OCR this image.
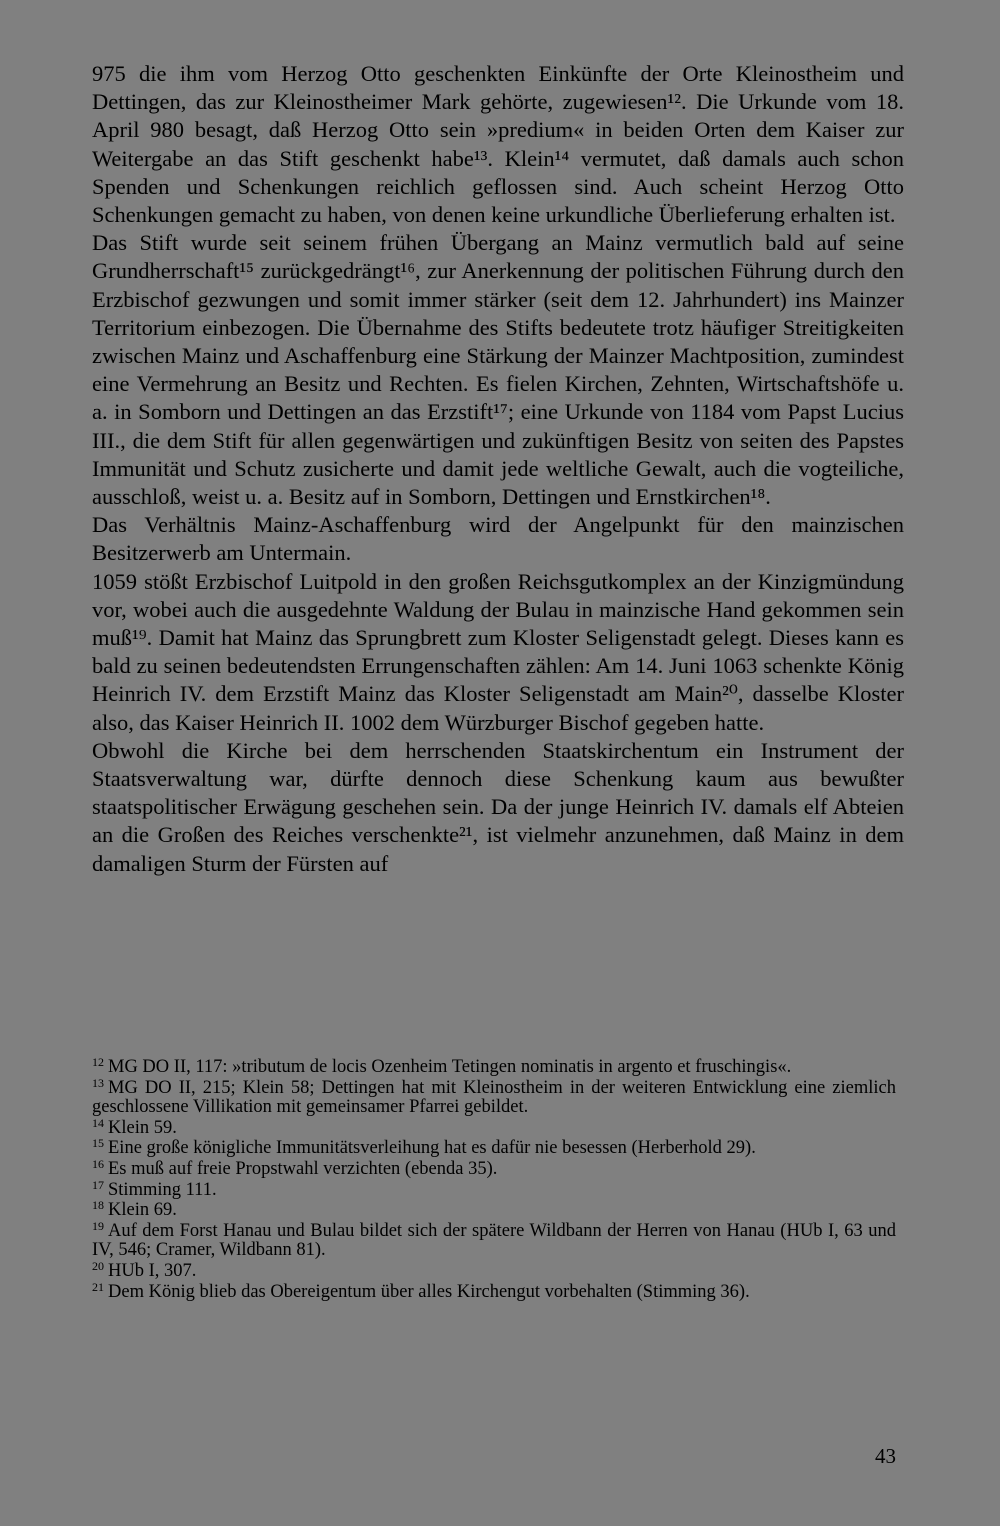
975 die ihm vom Herzog Otto geschenkten Einkünfte der Orte Kleinostheim und Dettingen, das zur Kleinostheimer Mark gehörte, zugewiesen¹². Die Urkunde vom 18. April 980 besagt, daß Herzog Otto sein »predium« in beiden Orten dem Kaiser zur Weitergabe an das Stift geschenkt habe¹³. Klein¹⁴ vermutet, daß damals auch schon Spenden und Schenkungen reichlich geflossen sind. Auch scheint Herzog Otto Schenkungen gemacht zu haben, von denen keine urkundliche Überlieferung erhalten ist.

Das Stift wurde seit seinem frühen Übergang an Mainz vermutlich bald auf seine Grundherrschaft¹⁵ zurückgedrängt¹⁶, zur Anerkennung der politischen Führung durch den Erzbischof gezwungen und somit immer stärker (seit dem 12. Jahrhundert) ins Mainzer Territorium einbezogen. Die Übernahme des Stifts bedeutete trotz häufiger Streitigkeiten zwischen Mainz und Aschaffenburg eine Stärkung der Mainzer Machtposition, zumindest eine Vermehrung an Besitz und Rechten. Es fielen Kirchen, Zehnten, Wirtschaftshöfe u. a. in Somborn und Dettingen an das Erzstift¹⁷; eine Urkunde von 1184 vom Papst Lucius III., die dem Stift für allen gegenwärtigen und zukünftigen Besitz von seiten des Papstes Immunität und Schutz zusicherte und damit jede weltliche Gewalt, auch die vogteiliche, ausschloß, weist u. a. Besitz auf in Somborn, Dettingen und Ernstkirchen¹⁸.

Das Verhältnis Mainz-Aschaffenburg wird der Angelpunkt für den mainzischen Besitzerwerb am Untermain.

1059 stößt Erzbischof Luitpold in den großen Reichsgutkomplex an der Kinzigmündung vor, wobei auch die ausgedehnte Waldung der Bulau in mainzische Hand gekommen sein muß¹⁹. Damit hat Mainz das Sprungbrett zum Kloster Seligenstadt gelegt. Dieses kann es bald zu seinen bedeutendsten Errungenschaften zählen: Am 14. Juni 1063 schenkte König Heinrich IV. dem Erzstift Mainz das Kloster Seligenstadt am Main²⁰, dasselbe Kloster also, das Kaiser Heinrich II. 1002 dem Würzburger Bischof gegeben hatte.

Obwohl die Kirche bei dem herrschenden Staatskirchentum ein Instrument der Staatsverwaltung war, dürfte dennoch diese Schenkung kaum aus bewußter staatspolitischer Erwägung geschehen sein. Da der junge Heinrich IV. damals elf Abteien an die Großen des Reiches verschenkte²¹, ist vielmehr anzunehmen, daß Mainz in dem damaligen Sturm der Fürsten auf

$^{12}$ MG DO II, 117: »tributum de locis Ozenheim Tetingen nominatis in argento et fruschingis«.
$^{13}$ MG DO II, 215; Klein 58; Dettingen hat mit Kleinostheim in der weiteren Entwicklung eine ziemlich geschlossene Villikation mit gemeinsamer Pfarrei gebildet.
$^{14}$ Klein 59.
$^{15}$ Eine große königliche Immunitätsverleihung hat es dafür nie besessen (Herberhold 29).
$^{16}$ Es muß auf freie Propstwahl verzichten (ebenda 35).
$^{17}$ Stimming 111.
$^{18}$ Klein 69.
$^{19}$ Auf dem Forst Hanau und Bulau bildet sich der spätere Wildbann der Herren von Hanau (HUb I, 63 und IV, 546; Cramer, Wildbann 81).
$^{20}$ HUb I, 307.
$^{21}$ Dem König blieb das Obereigentum über alles Kirchengut vorbehalten (Stimming 36).
43
